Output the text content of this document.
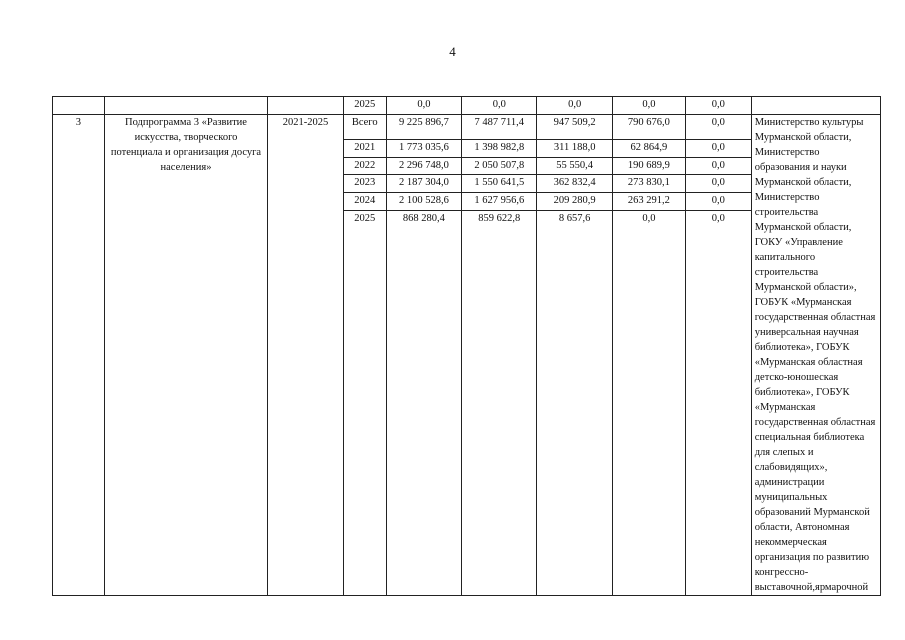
4
			2025	0,0	0,0	0,0	0,0	0,0	
3	Подпрограмма 3 «Развитие искусства, творческого потенциала и организация досуга населения»	2021-2025	Всего	9 225 896,7	7 487 711,4	947 509,2	790 676,0	0,0	Министерство культуры Мурманской области, Министерство образования и науки Мурманской области, Министерство строительства Мурманской области, ГОКУ «Управление капитального строительства Мурманской области», ГОБУК «Мурманская государственная областная универсальная научная библиотека», ГОБУК «Мурманская областная детско-юношеская библиотека», ГОБУК «Мурманская государственная областная специальная библиотека для слепых и слабовидящих», администрации муниципальных образований Мурманской области, Автономная некоммерческая организация по развитию конгрессно-выставочной,ярмарочной
			2021	1 773 035,6	1 398 982,8	311 188,0	62 864,9	0,0	
			2022	2 296 748,0	2 050 507,8	55 550,4	190 689,9	0,0	
			2023	2 187 304,0	1 550 641,5	362 832,4	273 830,1	0,0	
			2024	2 100 528,6	1 627 956,6	209 280,9	263 291,2	0,0	
			2025	868 280,4	859 622,8	8 657,6	0,0	0,0	
